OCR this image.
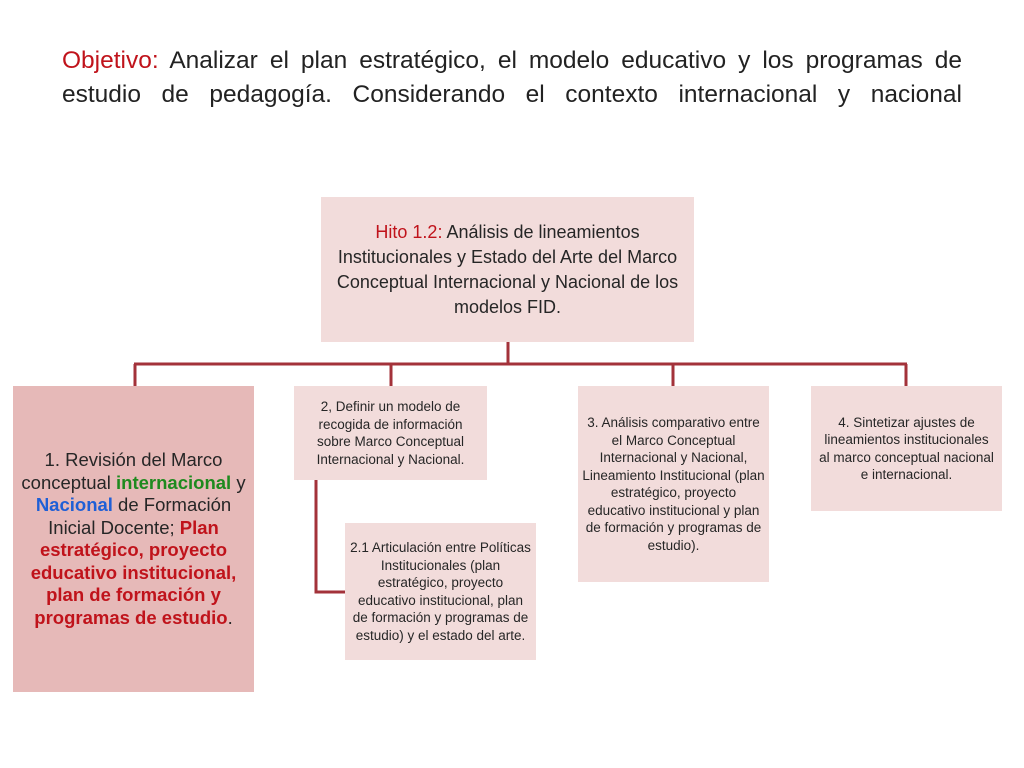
Objetivo: Analizar el plan estratégico, el modelo educativo y los programas de estudio de pedagogía. Considerando el contexto internacional y nacional
Hito 1.2: Análisis de lineamientos Institucionales y Estado del Arte del Marco Conceptual Internacional y Nacional de los modelos FID.
1. Revisión del Marco conceptual internacional y Nacional de Formación Inicial Docente; Plan estratégico, proyecto educativo institucional, plan de formación y programas de estudio.
2, Definir un modelo de recogida de información sobre Marco Conceptual Internacional y Nacional.
2.1 Articulación entre Políticas Institucionales (plan estratégico, proyecto educativo institucional, plan de formación y programas de estudio) y el estado del arte.
3. Análisis comparativo entre el Marco Conceptual Internacional y Nacional, Lineamiento Institucional (plan estratégico, proyecto educativo institucional y plan de formación y programas de estudio).
4. Sintetizar ajustes de lineamientos institucionales al marco conceptual nacional e internacional.
